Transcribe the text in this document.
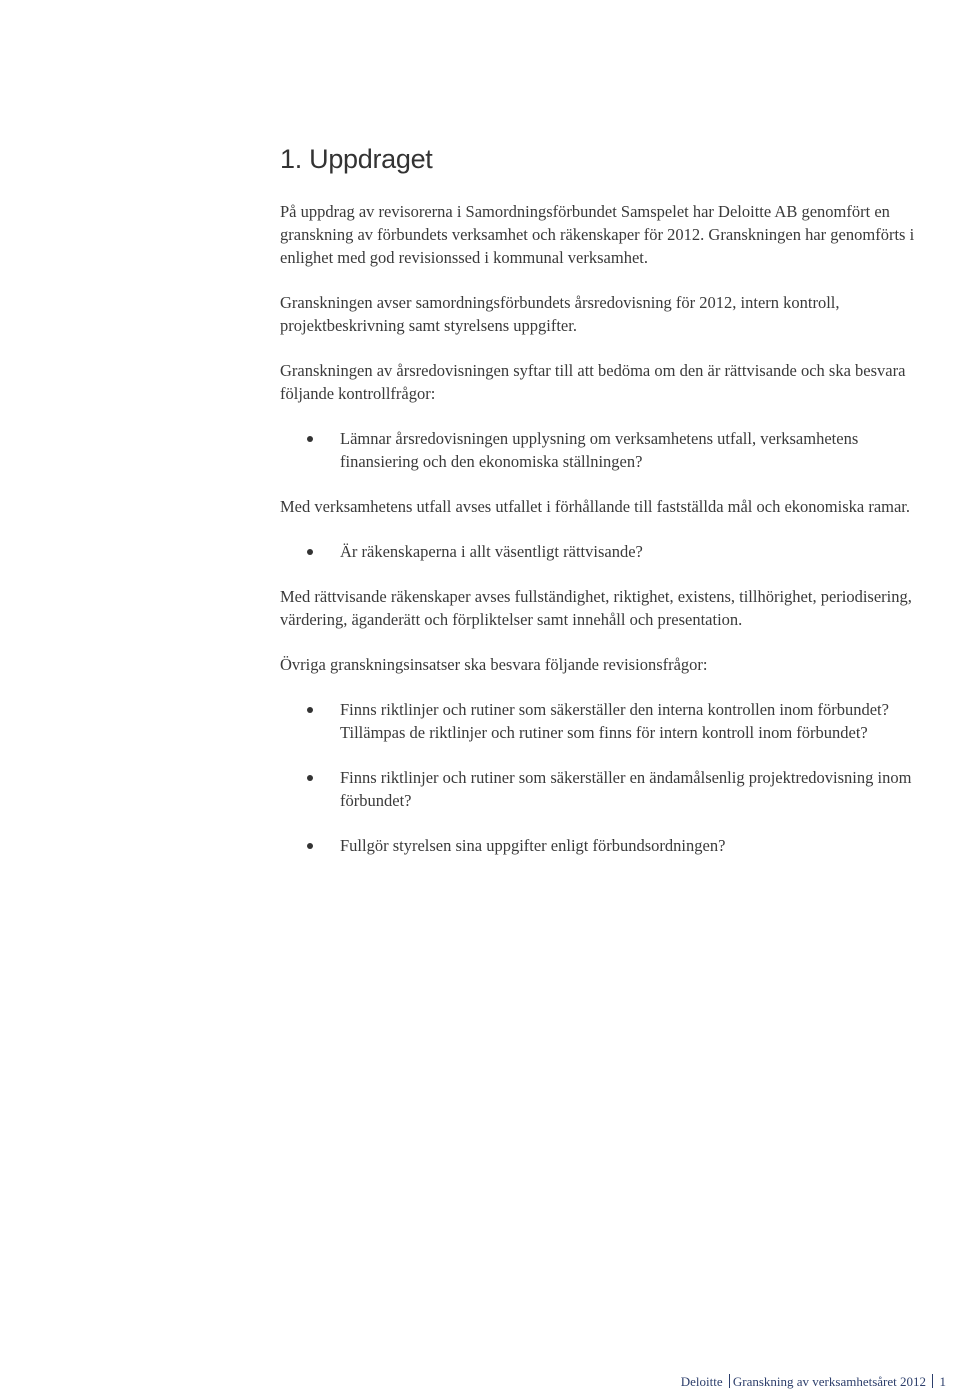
1. Uppdraget

På uppdrag av revisorerna i Samordningsförbundet Samspelet har Deloitte AB genomfört en granskning av förbundets verksamhet och räkenskaper för 2012. Granskningen har genomförts i enlighet med god revisionssed i kommunal verksamhet.

Granskningen avser samordningsförbundets årsredovisning för 2012, intern kontroll, projektbeskrivning samt styrelsens uppgifter.

Granskningen av årsredovisningen syftar till att bedöma om den är rättvisande och ska besvara följande kontrollfrågor:

Lämnar årsredovisningen upplysning om verksamhetens utfall, verksamhetens finansiering och den ekonomiska ställningen?

Med verksamhetens utfall avses utfallet i förhållande till fastställda mål och ekonomiska ramar.

Är räkenskaperna i allt väsentligt rättvisande?

Med rättvisande räkenskaper avses fullständighet, riktighet, existens, tillhörighet, periodisering, värdering, äganderätt och förpliktelser samt innehåll och presentation.

Övriga granskningsinsatser ska besvara följande revisionsfrågor:

Finns riktlinjer och rutiner som säkerställer den interna kontrollen inom förbundet? Tillämpas de riktlinjer och rutiner som finns för intern kontroll inom förbundet?
Finns riktlinjer och rutiner som säkerställer en ändamålsenlig projektredovisning inom förbundet?
Fullgör styrelsen sina uppgifter enligt förbundsordningen?
Deloitte Granskning av verksamhetsåret 2012 1
